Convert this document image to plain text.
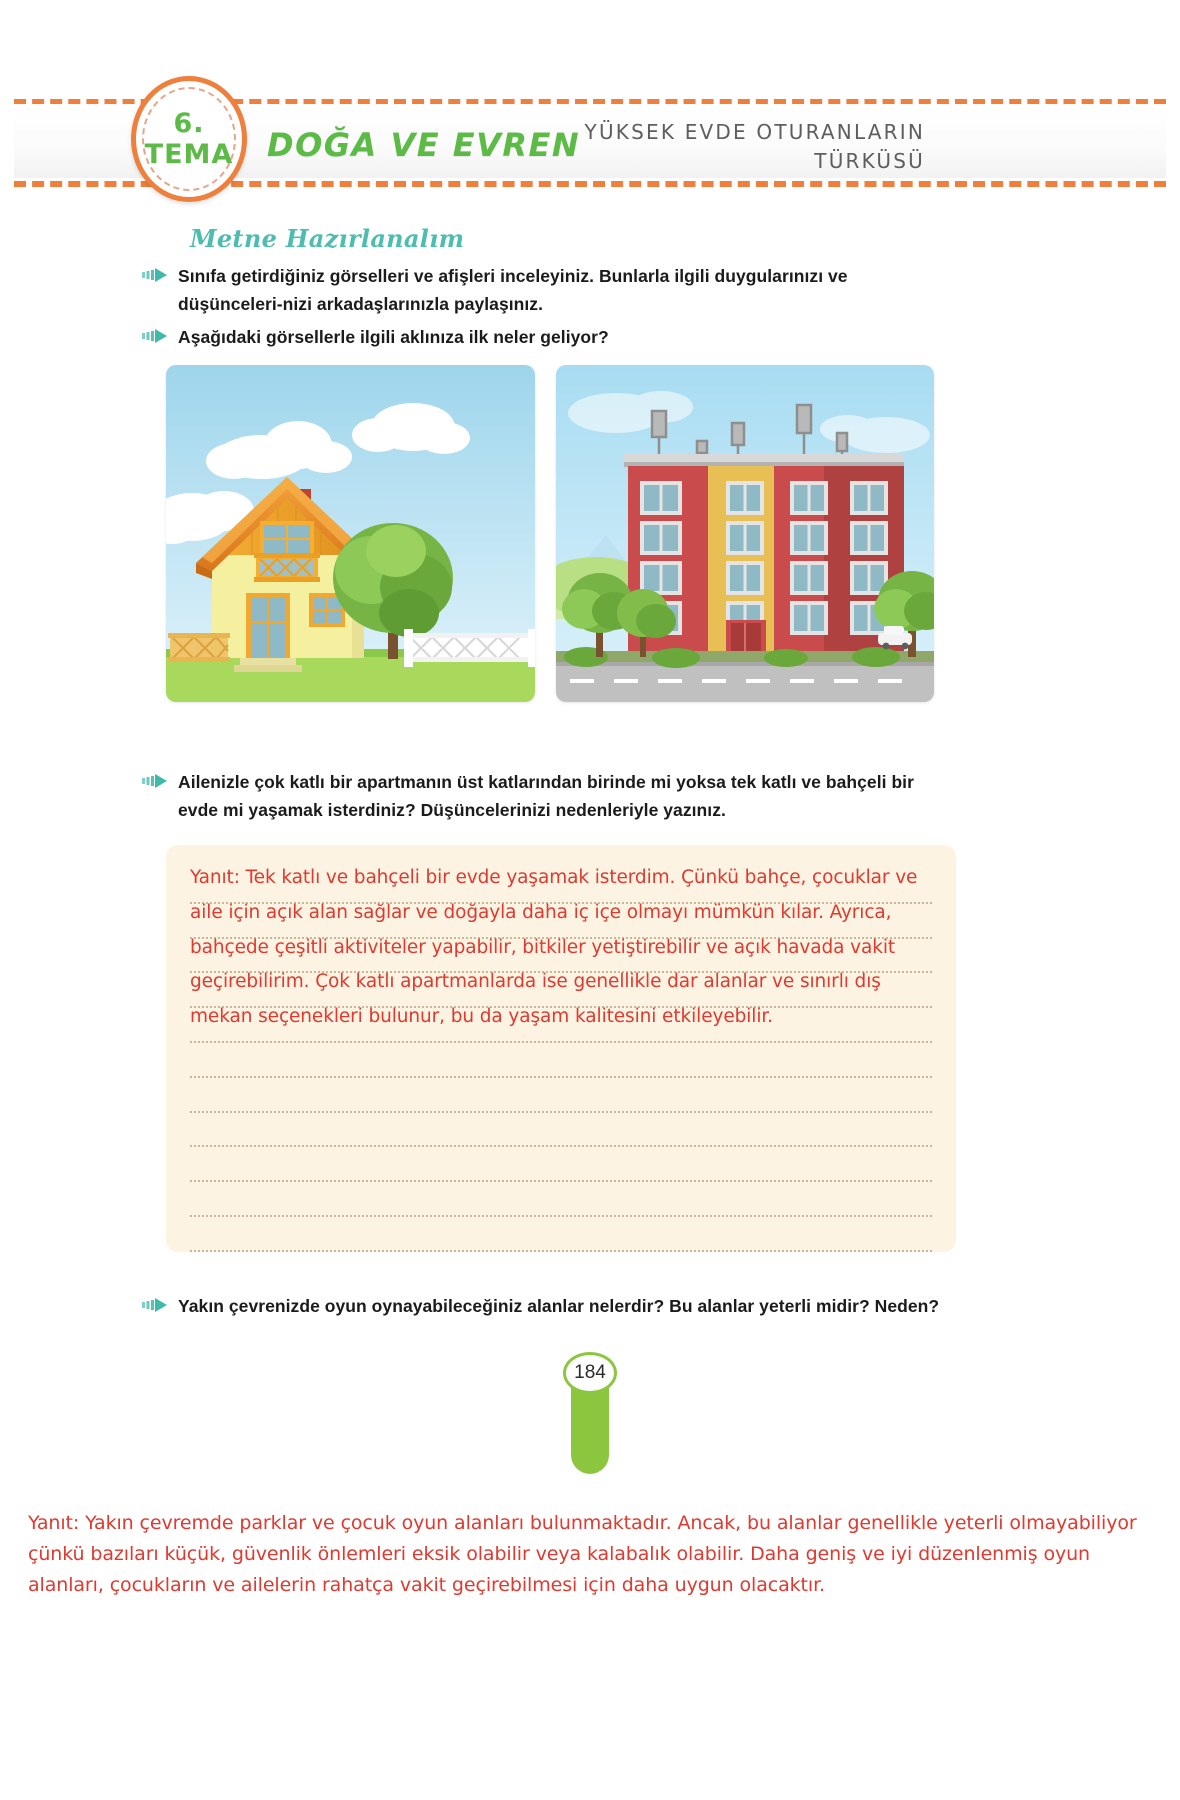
6.
TEMA DOĞA VE EVREN YÜKSEK EVDE OTURANLARIN
TÜRKÜSÜ
Metne Hazırlanalım
Sınıfa getirdiğiniz görselleri ve afişleri inceleyiniz. Bunlarla ilgili duygularınızı ve düşünceleri-nizi arkadaşlarınızla paylaşınız.
Aşağıdaki görsellerle ilgili aklınıza ilk neler geliyor?
Ailenizle çok katlı bir apartmanın üst katlarından birinde mi yoksa tek katlı ve bahçeli bir evde mi yaşamak isterdiniz? Düşüncelerinizi nedenleriyle yazınız.
Yanıt: Tek katlı ve bahçeli bir evde yaşamak isterdim. Çünkü bahçe, çocuklar ve aile için açık alan sağlar ve doğayla daha iç içe olmayı mümkün kılar. Ayrıca, bahçede çeşitli aktiviteler yapabilir, bitkiler yetiştirebilir ve açık havada vakit geçirebilirim. Çok katlı apartmanlarda ise genellikle dar alanlar ve sınırlı dış mekan seçenekleri bulunur, bu da yaşam kalitesini etkileyebilir.
Yakın çevrenizde oyun oynayabileceğiniz alanlar nelerdir? Bu alanlar yeterli midir? Neden?
184
Yanıt: Yakın çevremde parklar ve çocuk oyun alanları bulunmaktadır. Ancak, bu alanlar genellikle yeterli olmayabiliyor çünkü bazıları küçük, güvenlik önlemleri eksik olabilir veya kalabalık olabilir. Daha geniş ve iyi düzenlenmiş oyun alanları, çocukların ve ailelerin rahatça vakit geçirebilmesi için daha uygun olacaktır.
